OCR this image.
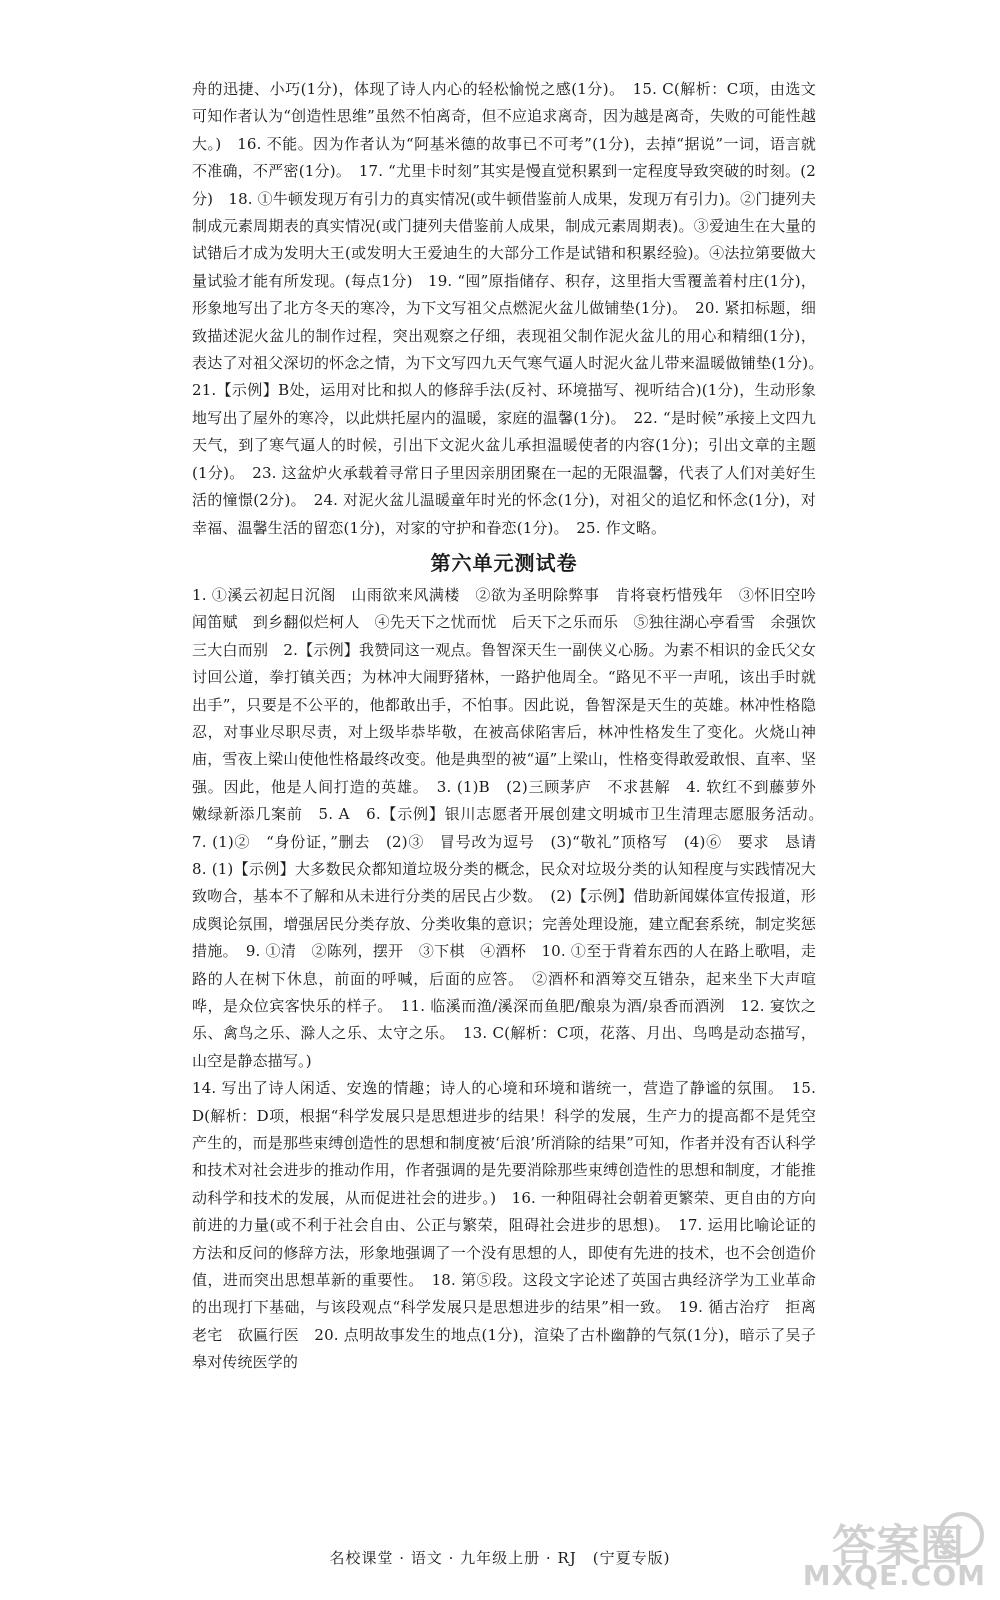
舟的迅捷、小巧(1分)，体现了诗人内心的轻松愉悦之感(1分)。　15. C(解析：C项，由选文可知作者认为“创造性思维”虽然不怕离奇，但不应追求离奇，因为越是离奇，失败的可能性越大。)　16. 不能。因为作者认为“阿基米德的故事已不可考”(1分)，去掉“据说”一词，语言就不准确，不严密(1分)。　17. “尤里卡时刻”其实是慢直觉积累到一定程度导致突破的时刻。(2分)　18. ①牛顿发现万有引力的真实情况(或牛顿借鉴前人成果，发现万有引力)。②门捷列夫制成元素周期表的真实情况(或门捷列夫借鉴前人成果，制成元素周期表)。③爱迪生在大量的试错后才成为发明大王(或发明大王爱迪生的大部分工作是试错和积累经验)。④法拉第要做大量试验才能有所发现。(每点1分)　19. “囤”原指储存、积存，这里指大雪覆盖着村庄(1分)，形象地写出了北方冬天的寒冷，为下文写祖父点燃泥火盆儿做铺垫(1分)。　20. 紧扣标题，细致描述泥火盆儿的制作过程，突出观察之仔细，表现祖父制作泥火盆儿的用心和精细(1分)，表达了对祖父深切的怀念之情，为下文写四九天气寒气逼人时泥火盆儿带来温暖做铺垫(1分)。　21.【示例】B处，运用对比和拟人的修辞手法(反衬、环境描写、视听结合)(1分)，生动形象地写出了屋外的寒冷，以此烘托屋内的温暖，家庭的温馨(1分)。　22. “是时候”承接上文四九天气，到了寒气逼人的时候，引出下文泥火盆儿承担温暖使者的内容(1分)；引出文章的主题(1分)。　23. 这盆炉火承载着寻常日子里因亲朋团聚在一起的无限温馨，代表了人们对美好生活的憧憬(2分)。　24. 对泥火盆儿温暖童年时光的怀念(1分)，对祖父的追忆和怀念(1分)，对幸福、温馨生活的留恋(1分)，对家的守护和眷恋(1分)。　25. 作文略。

第六单元测试卷

1. ①溪云初起日沉阁　山雨欲来风满楼　②欲为圣明除弊事　肯将衰朽惜残年　③怀旧空吟闻笛赋　到乡翻似烂柯人　④先天下之忧而忧　后天下之乐而乐　⑤独往湖心亭看雪　余强饮三大白而别　2.【示例】我赞同这一观点。鲁智深天生一副侠义心肠。为素不相识的金氏父女讨回公道，拳打镇关西；为林冲大闹野猪林，一路护他周全。“路见不平一声吼，该出手时就出手”，只要是不公平的，他都敢出手，不怕事。因此说，鲁智深是天生的英雄。林冲性格隐忍，对事业尽职尽责，对上级毕恭毕敬，在被高俅陷害后，林冲性格发生了变化。火烧山神庙，雪夜上梁山使他性格最终改变。他是典型的被“逼”上梁山，性格变得敢爱敢恨、直率、坚强。因此，他是人间打造的英雄。　3. (1)B　(2)三顾茅庐　不求甚解　4. 软红不到藤萝外　嫩绿新添几案前　5. A　6.【示例】银川志愿者开展创建文明城市卫生清理志愿服务活动。　7. (1)②　“身份证，”删去　(2)③　冒号改为逗号　(3)“敬礼”顶格写　(4)⑥　要求　恳请　8. (1)【示例】大多数民众都知道垃圾分类的概念，民众对垃圾分类的认知程度与实践情况大致吻合，基本不了解和从未进行分类的居民占少数。　(2)【示例】借助新闻媒体宣传报道，形成舆论氛围，增强居民分类存放、分类收集的意识；完善处理设施，建立配套系统，制定奖惩措施。　9. ①清　②陈列，摆开　③下棋　④酒杯　10. ①至于背着东西的人在路上歌唱，走路的人在树下休息，前面的呼喊，后面的应答。　②酒杯和酒筹交互错杂，起来坐下大声喧哗，是众位宾客快乐的样子。　11. 临溪而渔/溪深而鱼肥/酿泉为酒/泉香而酒洌　12. 宴饮之乐、禽鸟之乐、滁人之乐、太守之乐。　13. C(解析：C项，花落、月出、鸟鸣是动态描写，山空是静态描写。)

14. 写出了诗人闲适、安逸的情趣；诗人的心境和环境和谐统一，营造了静谧的氛围。　15. D(解析：D项，根据“科学发展只是思想进步的结果！科学的发展，生产力的提高都不是凭空产生的，而是那些束缚创造性的思想和制度被‘后浪’所消除的结果”可知，作者并没有否认科学和技术对社会进步的推动作用，作者强调的是先要消除那些束缚创造性的思想和制度，才能推动科学和技术的发展，从而促进社会的进步。)　16. 一种阻碍社会朝着更繁荣、更自由的方向前进的力量(或不利于社会自由、公正与繁荣，阻碍社会进步的思想)。　17. 运用比喻论证的方法和反问的修辞方法，形象地强调了一个没有思想的人，即使有先进的技术，也不会创造价值，进而突出思想革新的重要性。　18. 第⑤段。这段文字论述了英国古典经济学为工业革命的出现打下基础，与该段观点“科学发展只是思想进步的结果”相一致。　19. 循古治疗　拒离老宅　砍匾行医　20. 点明故事发生的地点(1分)，渲染了古朴幽静的气氛(1分)，暗示了吴子皋对传统医学的

名校课堂 · 语文 · 九年级上册 · RJ　(宁夏专版)	答案圈
MXQE.COM
